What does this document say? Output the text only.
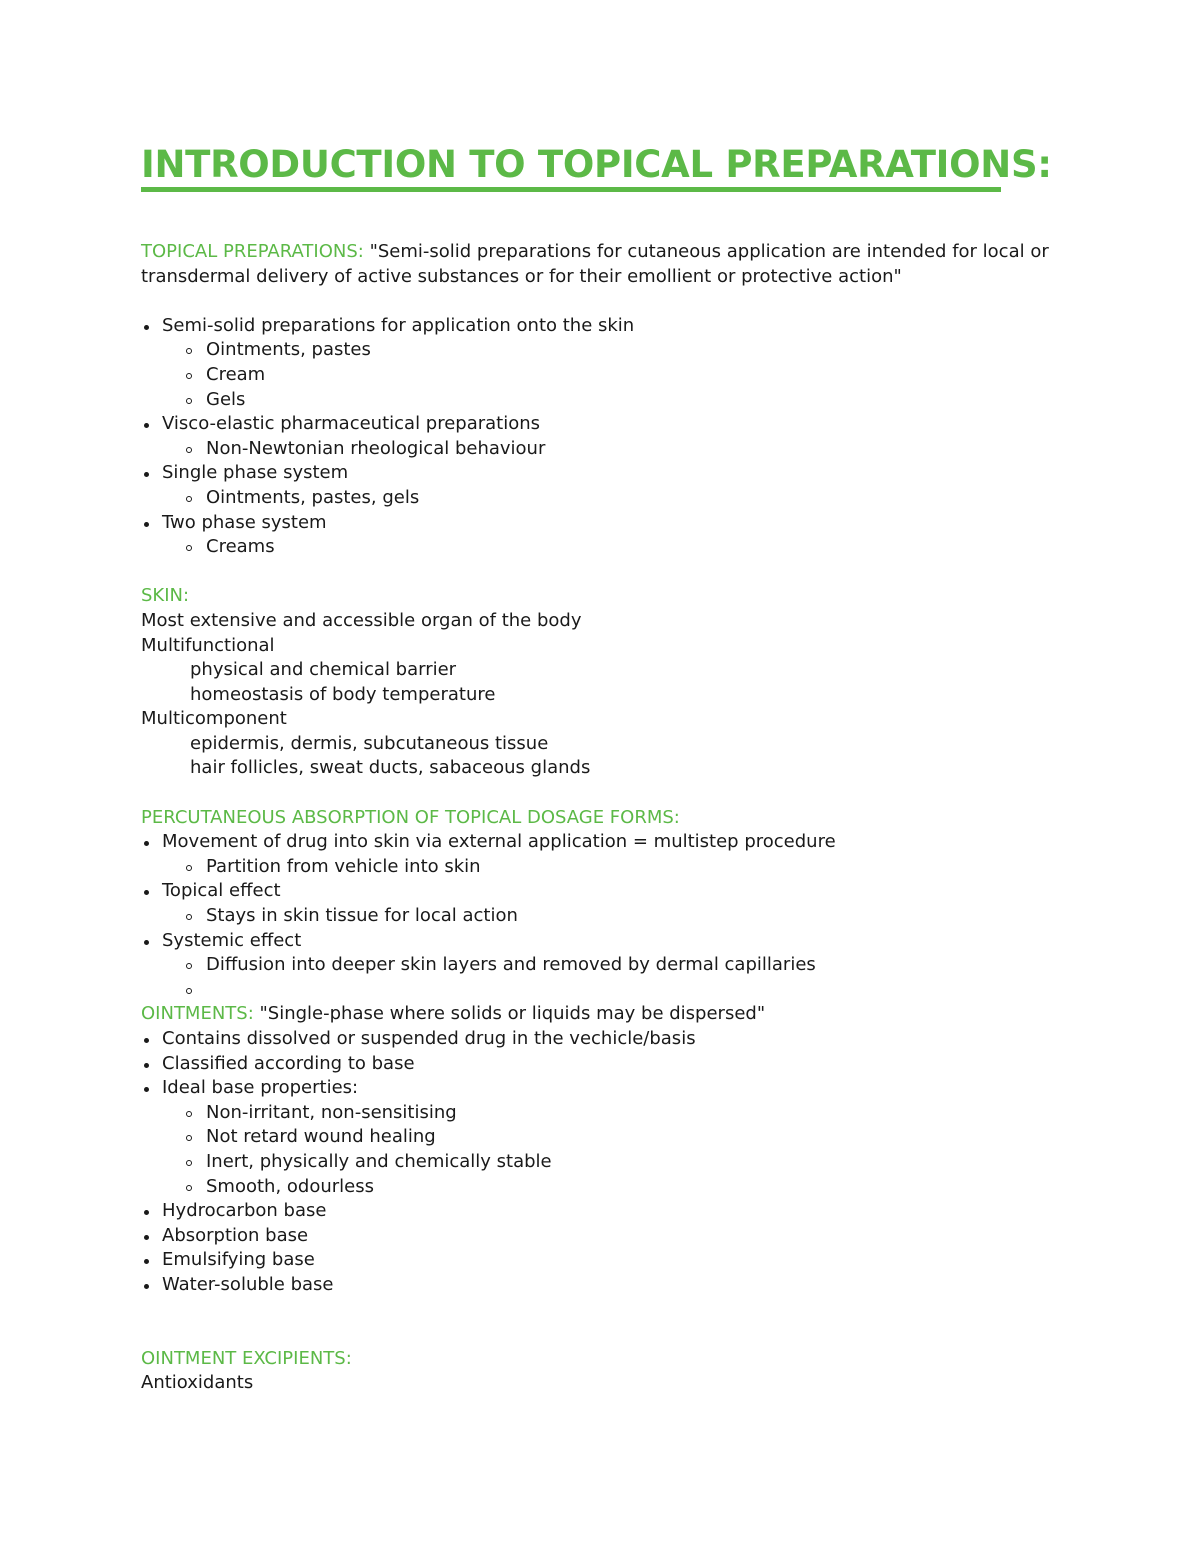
INTRODUCTION TO TOPICAL PREPARATIONS:

TOPICAL PREPARATIONS: "Semi-solid preparations for cutaneous application are intended for local or transdermal delivery of active substances or for their emollient or protective action"

Semi-solid preparations for application onto the skin
Ointments, pastes
Cream
Gels
Visco-elastic pharmaceutical preparations
Non-Newtonian rheological behaviour
Single phase system
Ointments, pastes, gels
Two phase system
Creams

SKIN:

Most extensive and accessible organ of the body

Multifunctional

physical and chemical barrier

homeostasis of body temperature

Multicomponent

epidermis, dermis, subcutaneous tissue

hair follicles, sweat ducts, sabaceous glands

PERCUTANEOUS ABSORPTION OF TOPICAL DOSAGE FORMS:

Movement of drug into skin via external application = multistep procedure
Partition from vehicle into skin
Topical effect
Stays in skin tissue for local action
Systemic effect
Diffusion into deeper skin layers and removed by dermal capillaries

OINTMENTS: "Single-phase where solids or liquids may be dispersed"

Contains dissolved or suspended drug in the vechicle/basis
Classified according to base
Ideal base properties:
Non-irritant, non-sensitising
Not retard wound healing
Inert, physically and chemically stable
Smooth, odourless
Hydrocarbon base
Absorption base
Emulsifying base
Water-soluble base

OINTMENT EXCIPIENTS:

Antioxidants
